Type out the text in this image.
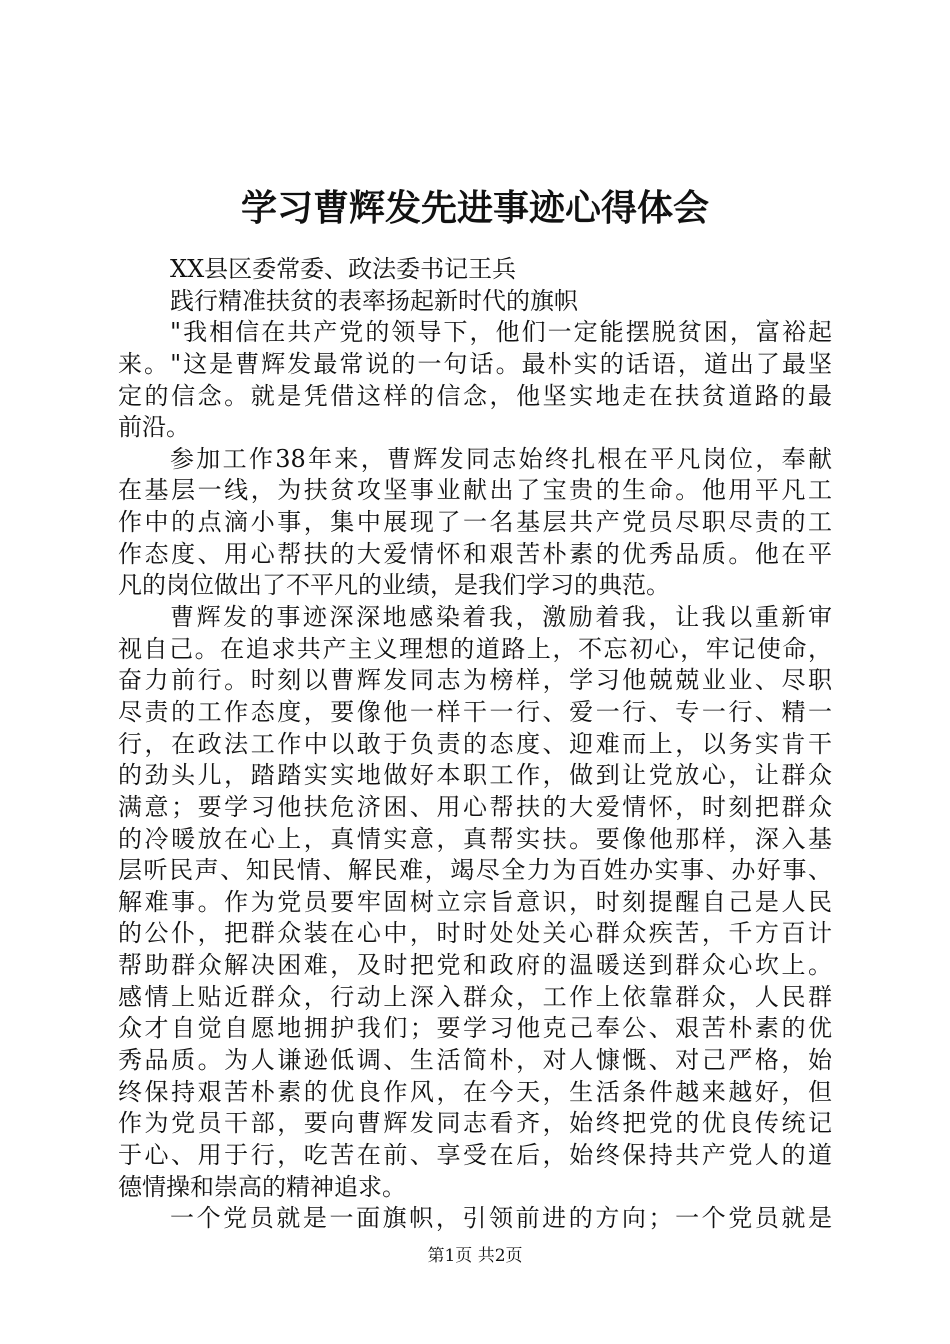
学习曹辉发先进事迹心得体会
XX县区委常委、政法委书记王兵
践行精准扶贫的表率扬起新时代的旗帜
"我相信在共产党的领导下，他们一定能摆脱贫困，富裕起
来。"这是曹辉发最常说的一句话。最朴实的话语，道出了最坚
定的信念。就是凭借这样的信念，他坚实地走在扶贫道路的最
前沿。
参加工作38年来，曹辉发同志始终扎根在平凡岗位，奉献
在基层一线，为扶贫攻坚事业献出了宝贵的生命。他用平凡工
作中的点滴小事，集中展现了一名基层共产党员尽职尽责的工
作态度、用心帮扶的大爱情怀和艰苦朴素的优秀品质。他在平
凡的岗位做出了不平凡的业绩，是我们学习的典范。
曹辉发的事迹深深地感染着我，激励着我，让我以重新审
视自己。在追求共产主义理想的道路上，不忘初心，牢记使命，
奋力前行。时刻以曹辉发同志为榜样，学习他兢兢业业、尽职
尽责的工作态度，要像他一样干一行、爱一行、专一行、精一
行，在政法工作中以敢于负责的态度、迎难而上，以务实肯干
的劲头儿，踏踏实实地做好本职工作，做到让党放心，让群众
满意；要学习他扶危济困、用心帮扶的大爱情怀，时刻把群众
的冷暖放在心上，真情实意，真帮实扶。要像他那样，深入基
层听民声、知民情、解民难，竭尽全力为百姓办实事、办好事、
解难事。作为党员要牢固树立宗旨意识，时刻提醒自己是人民
的公仆，把群众装在心中，时时处处关心群众疾苦，千方百计
帮助群众解决困难，及时把党和政府的温暖送到群众心坎上。
感情上贴近群众，行动上深入群众，工作上依靠群众，人民群
众才自觉自愿地拥护我们；要学习他克己奉公、艰苦朴素的优
秀品质。为人谦逊低调、生活简朴，对人慷慨、对己严格，始
终保持艰苦朴素的优良作风，在今天，生活条件越来越好，但
作为党员干部，要向曹辉发同志看齐，始终把党的优良传统记
于心、用于行，吃苦在前、享受在后，始终保持共产党人的道
德情操和崇高的精神追求。
一个党员就是一面旗帜，引领前进的方向；一个党员就是
第1页 共2页
